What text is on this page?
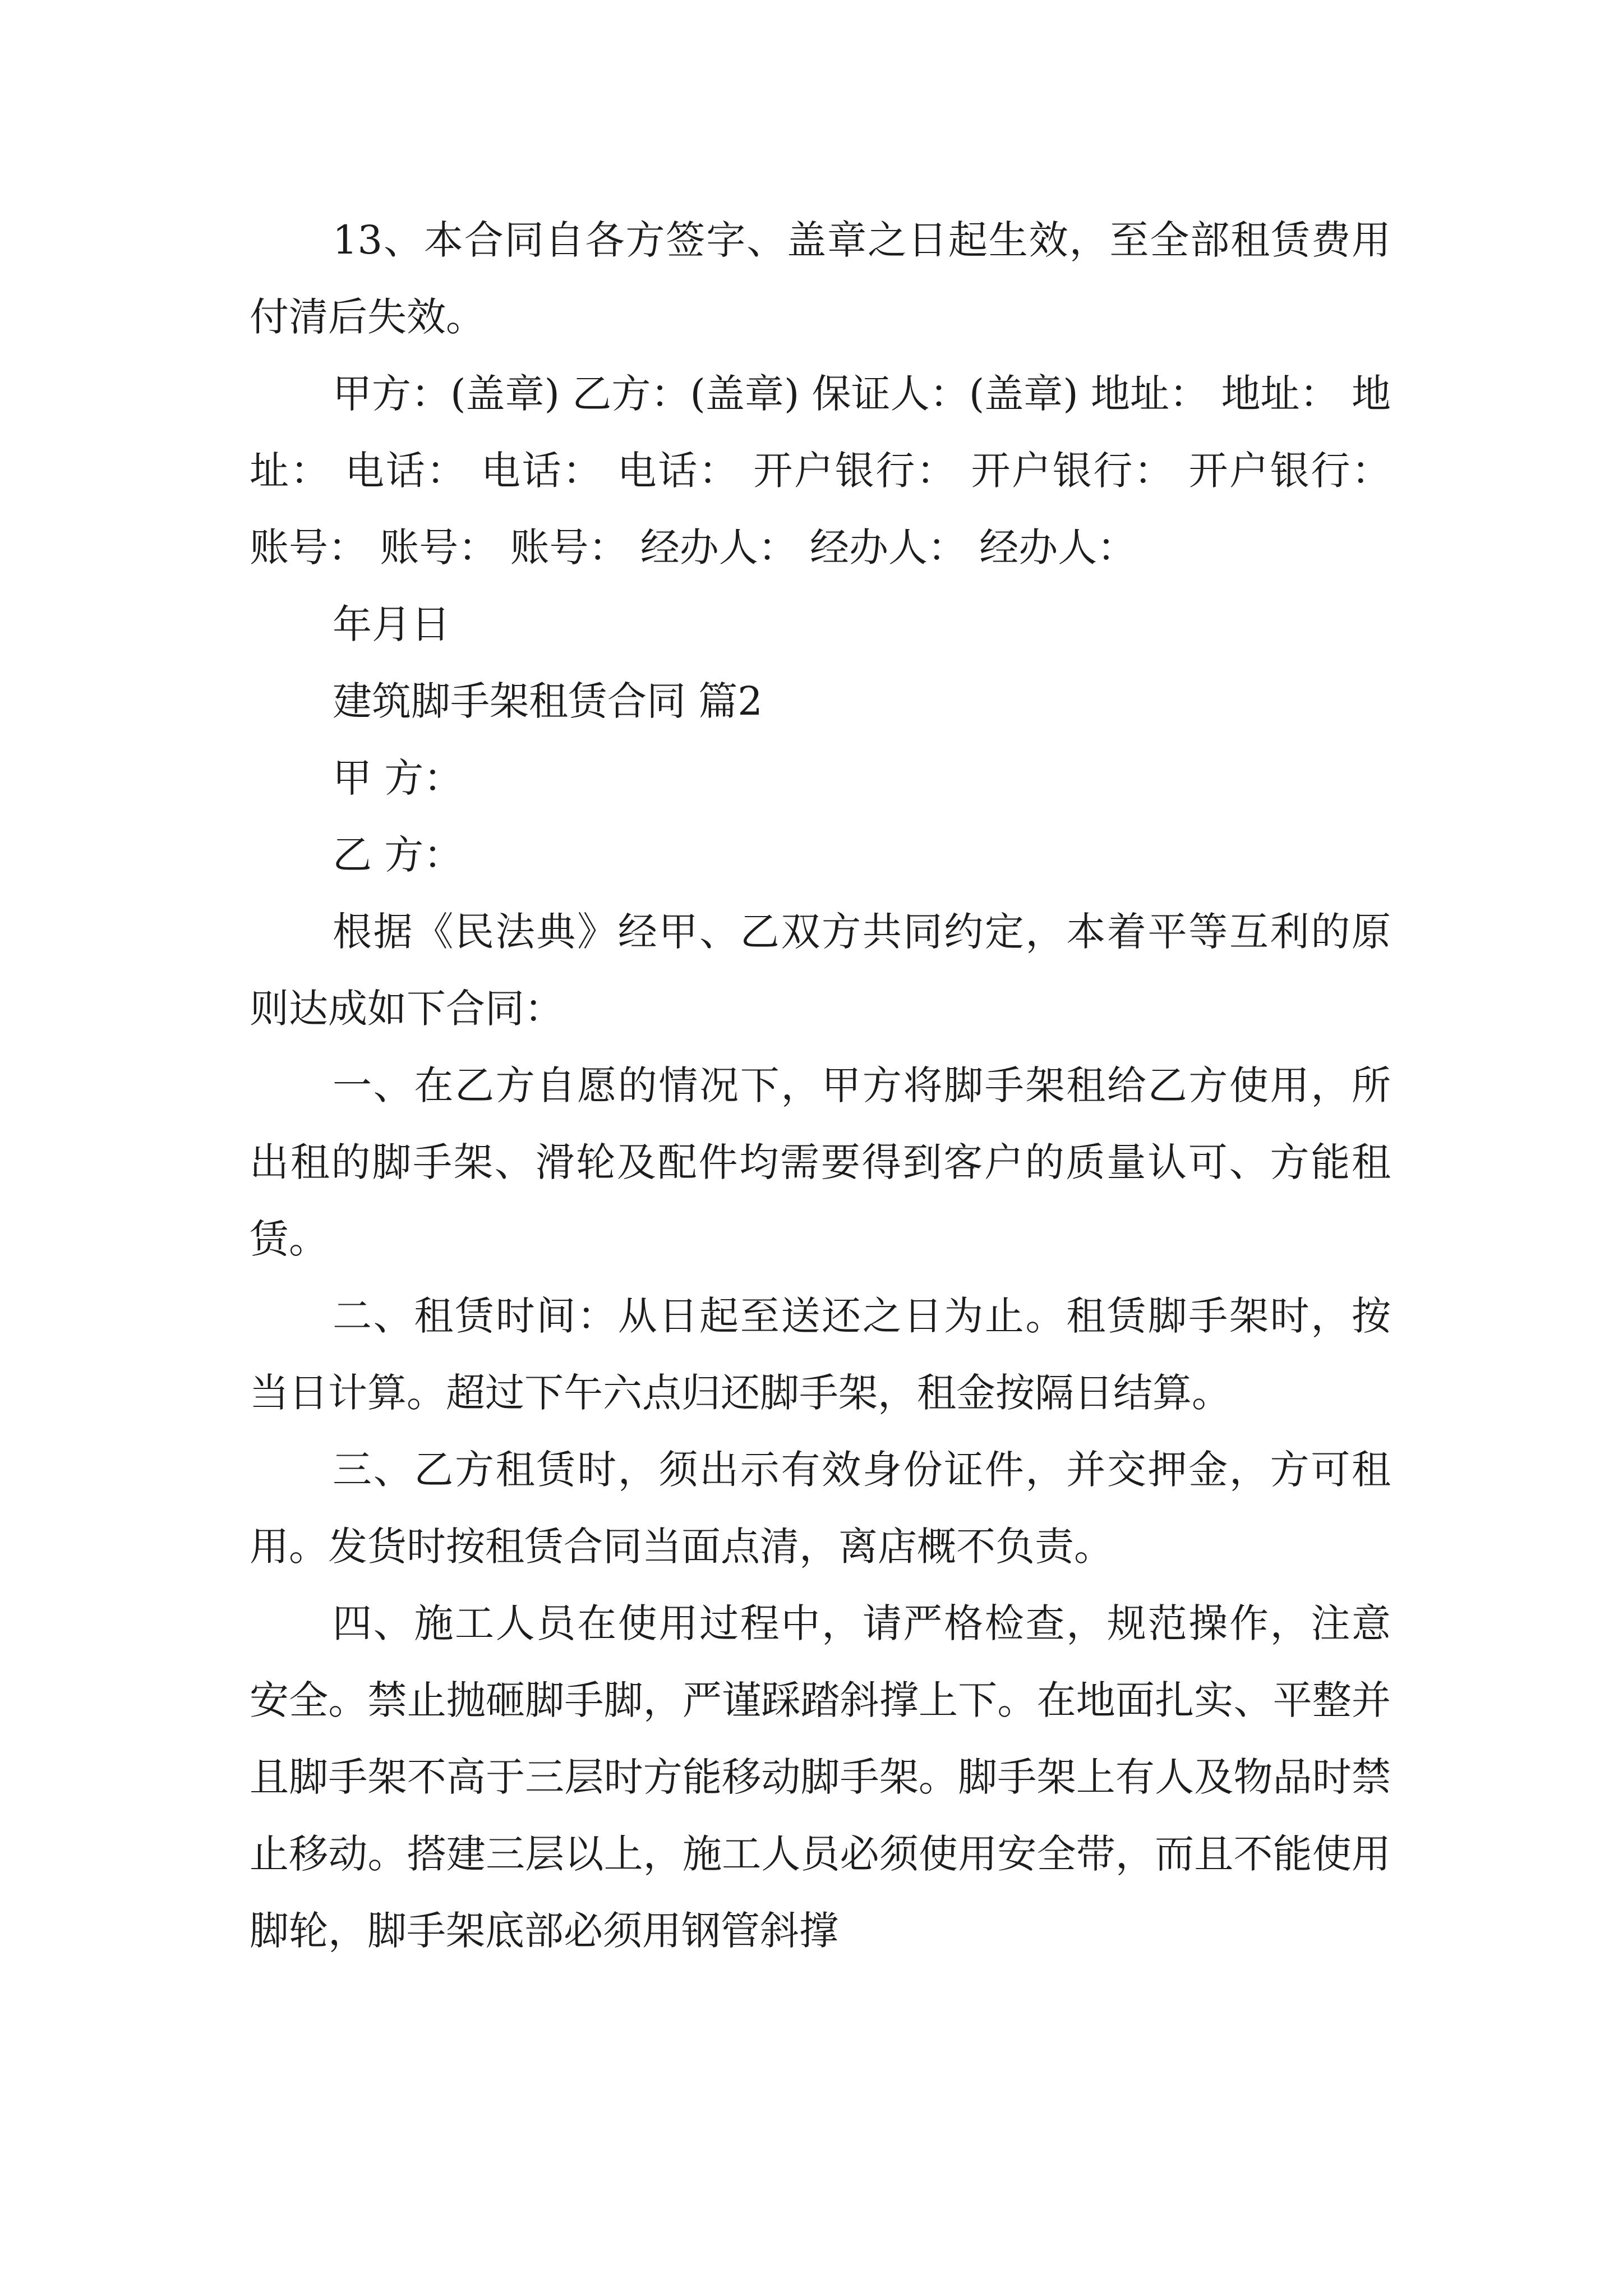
13、本合同自各方签字、盖章之日起生效，至全部租赁费用付清后失效。

甲方：(盖章) 乙方：(盖章) 保证人：(盖章) 地址： 地址： 地址： 电话： 电话： 电话： 开户银行： 开户银行： 开户银行： 账号： 账号： 账号： 经办人： 经办人： 经办人：

年月日

建筑脚手架租赁合同 篇2

甲 方：

乙 方：

根据《民法典》经甲、乙双方共同约定，本着平等互利的原则达成如下合同：

一、在乙方自愿的情况下，甲方将脚手架租给乙方使用，所出租的脚手架、滑轮及配件均需要得到客户的质量认可、方能租赁。

二、租赁时间：从日起至送还之日为止。租赁脚手架时，按当日计算。超过下午六点归还脚手架，租金按隔日结算。

三、乙方租赁时，须出示有效身份证件，并交押金，方可租用。发货时按租赁合同当面点清，离店概不负责。

四、施工人员在使用过程中，请严格检查，规范操作，注意安全。禁止抛砸脚手脚，严谨踩踏斜撑上下。在地面扎实、平整并且脚手架不高于三层时方能移动脚手架。脚手架上有人及物品时禁止移动。搭建三层以上，施工人员必须使用安全带，而且不能使用脚轮，脚手架底部必须用钢管斜撑
